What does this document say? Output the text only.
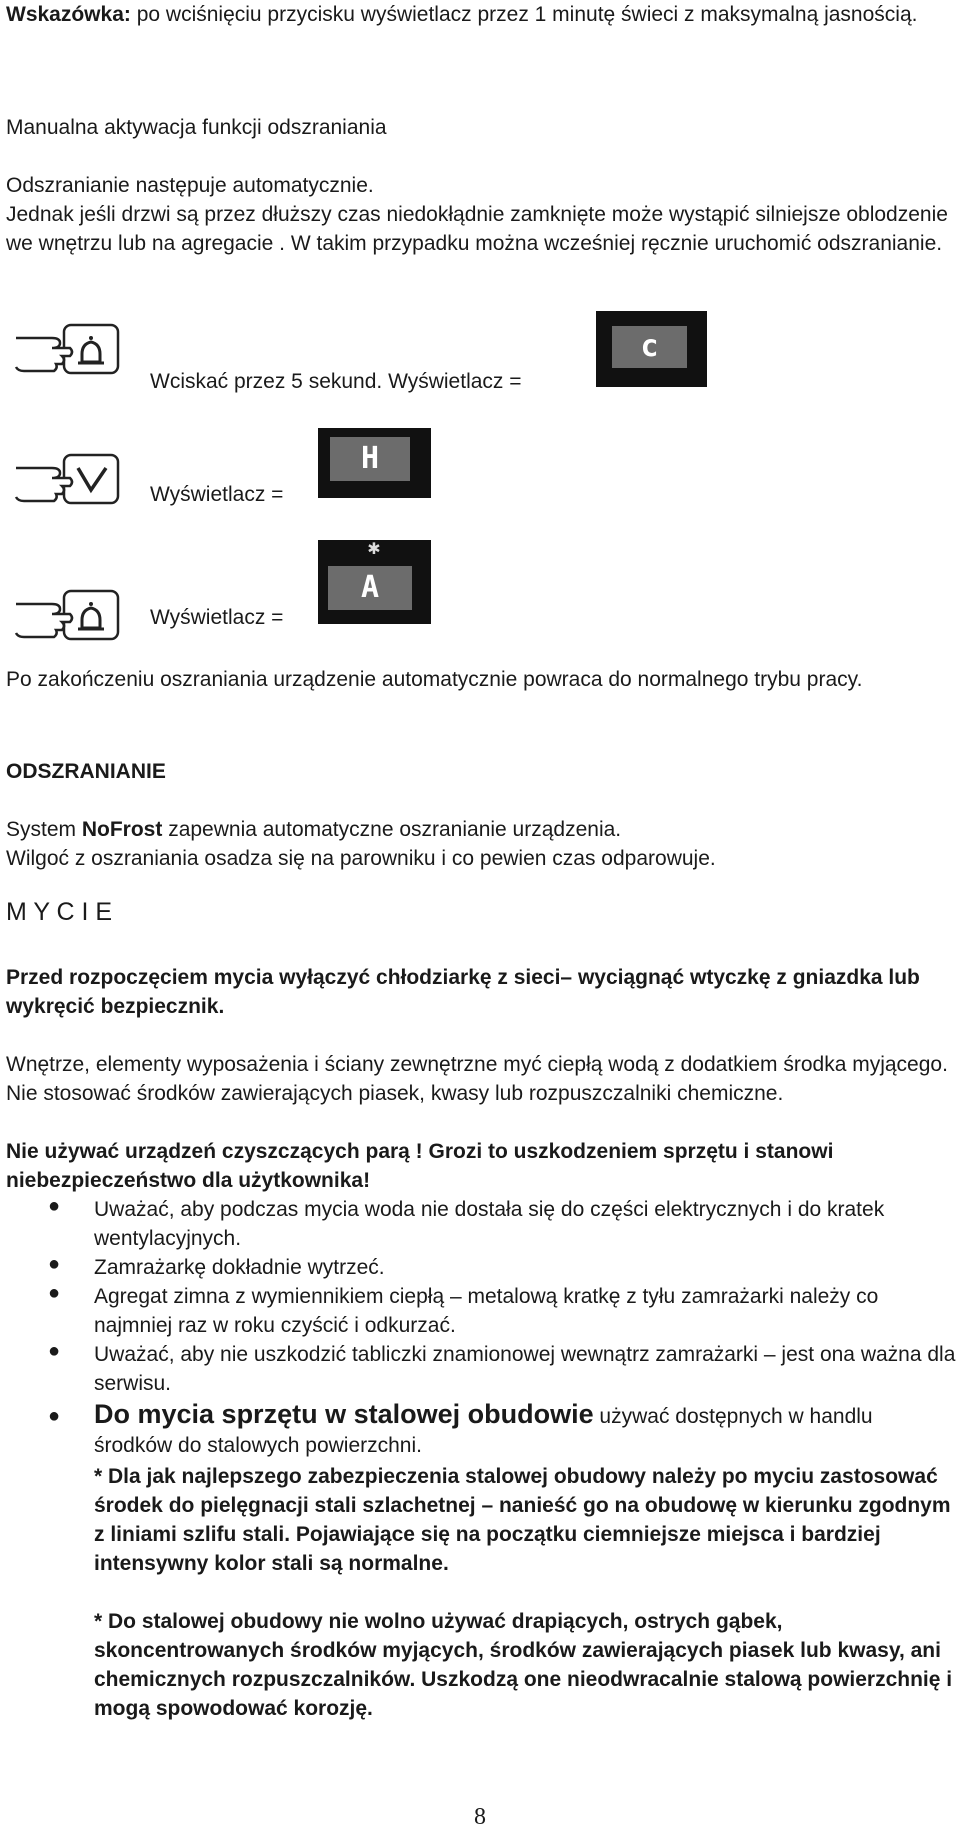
Wskazówka: po wciśnięciu przycisku wyświetlacz przez 1 minutę świeci z maksymalną jasnością.

Manualna aktywacja funkcji odszraniania

Odszranianie następuje automatycznie.

Jednak jeśli drzwi są przez dłuższy czas niedokłądnie zamknięte może wystąpić silniejsze oblodzenie we wnętrzu lub na agregacie . W takim przypadku można wcześniej ręcznie uruchomić odszranianie.

Wciskać przez 5 sekund. Wyświetlacz =
c
Wyświetlacz =
H
Wyświetlacz =
✱
A

Po zakończeniu oszraniania urządzenie automatycznie powraca do normalnego trybu pracy.

ODSZRANIANIE

System NoFrost zapewnia automatyczne oszranianie urządzenia.

Wilgoć z oszraniania osadza się na parowniku i co pewien czas odparowuje.

M Y C I E

Przed rozpoczęciem mycia wyłączyć chłodziarkę z sieci– wyciągnąć wtyczkę z gniazdka lub wykręcić bezpiecznik.

Wnętrze, elementy wyposażenia i ściany zewnętrzne myć ciepłą wodą z dodatkiem środka myjącego. Nie stosować środków zawierających piasek, kwasy lub rozpuszczalniki chemiczne.

Nie używać urządzeń czyszczących parą ! Grozi to uszkodzeniem sprzętu i stanowi niebezpieczeństwo dla użytkownika!

● Uważać, aby podczas mycia woda nie dostała się do części elektrycznych i do kratek wentylacyjnych.
● Zamrażarkę dokładnie wytrzeć.
● Agregat zimna z wymiennikiem ciepłą – metalową kratkę z tyłu zamrażarki należy co najmniej raz w roku czyścić i odkurzać.
● Uważać, aby nie uszkodzić tabliczki znamionowej wewnątrz zamrażarki – jest ona ważna dla serwisu.
● Do mycia sprzętu w stalowej obudowie używać dostępnych w handlu środków do stalowych powierzchni.
* Dla jak najlepszego zabezpieczenia stalowej obudowy należy po myciu zastosować środek do pielęgnacji stali szlachetnej – nanieść go na obudowę w kierunku zgodnym z liniami szlifu stali. Pojawiające się na początku ciemniejsze miejsca i bardziej intensywny kolor stali są normalne.
* Do stalowej obudowy nie wolno używać drapiących, ostrych gąbek, skoncentrowanych środków myjących, środków zawierających piasek lub kwasy, ani chemicznych rozpuszczalników. Uszkodzą one nieodwracalnie stalową powierzchnię i mogą spowodować korozję.
8
